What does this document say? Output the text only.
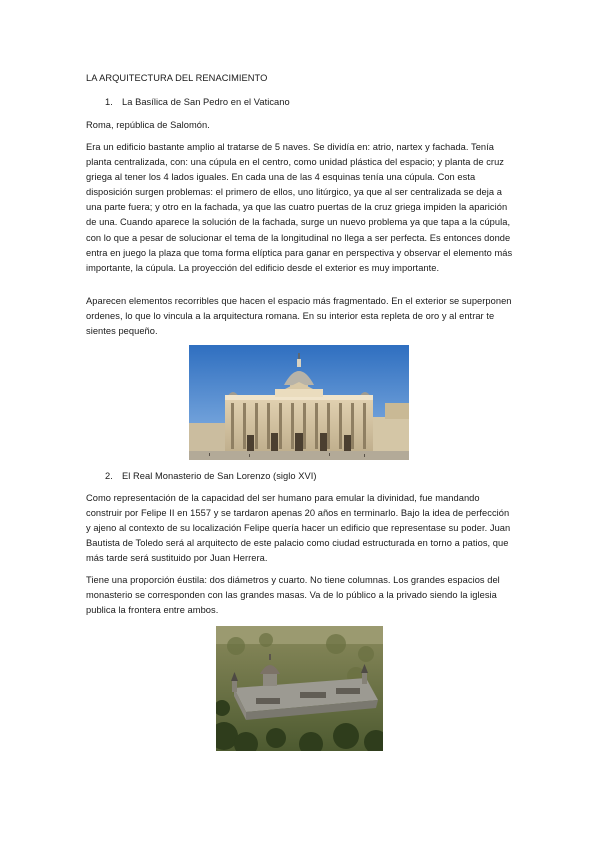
LA ARQUITECTURA DEL RENACIMIENTO

1. La Basílica de San Pedro en el Vaticano

Roma, república de Salomón.

Era un edificio bastante amplio al tratarse de 5 naves. Se dividía en: atrio, nartex y fachada. Tenía planta centralizada, con: una cúpula en el centro, como unidad plástica del espacio; y planta de cruz griega al tener los 4 lados iguales. En cada una de las 4 esquinas tenía una cúpula. Con esta disposición surgen problemas: el primero de ellos, uno litúrgico, ya que al ser centralizada se deja a una parte fuera; y otro en la fachada, ya que las cuatro puertas de la cruz griega impiden la aparición de una. Cuando aparece la solución de la fachada, surge un nuevo problema ya que tapa a la cúpula, con lo que a pesar de solucionar el tema de la longitudinal no llega a ser perfecta. Es entonces donde entra en juego la plaza que toma forma elíptica para ganar en perspectiva y observar el elemento más importante, la cúpula. La proyección del edificio desde el exterior es muy importante.

Aparecen elementos recorribles que hacen el espacio más fragmentado. En el exterior se superponen ordenes, lo que lo vincula a la arquitectura romana. En su interior esta repleta de oro y al entrar te sientes pequeño.

2. El Real Monasterio de San Lorenzo (siglo XVI)

Como representación de la capacidad del ser humano para emular la divinidad, fue mandando construir por Felipe II en 1557 y se tardaron apenas 20 años en terminarlo. Bajo la idea de perfección y ajeno al contexto de su localización Felipe quería hacer un edificio que representase su poder. Juan Bautista de Toledo será al arquitecto de este palacio como ciudad estructurada en torno a patios, que más tarde será sustituido por Juan Herrera.

Tiene una proporción éustila: dos diámetros y cuarto. No tiene columnas. Los grandes espacios del monasterio se corresponden con las grandes masas. Va de lo público a la privado siendo la iglesia publica la frontera entre ambos.
